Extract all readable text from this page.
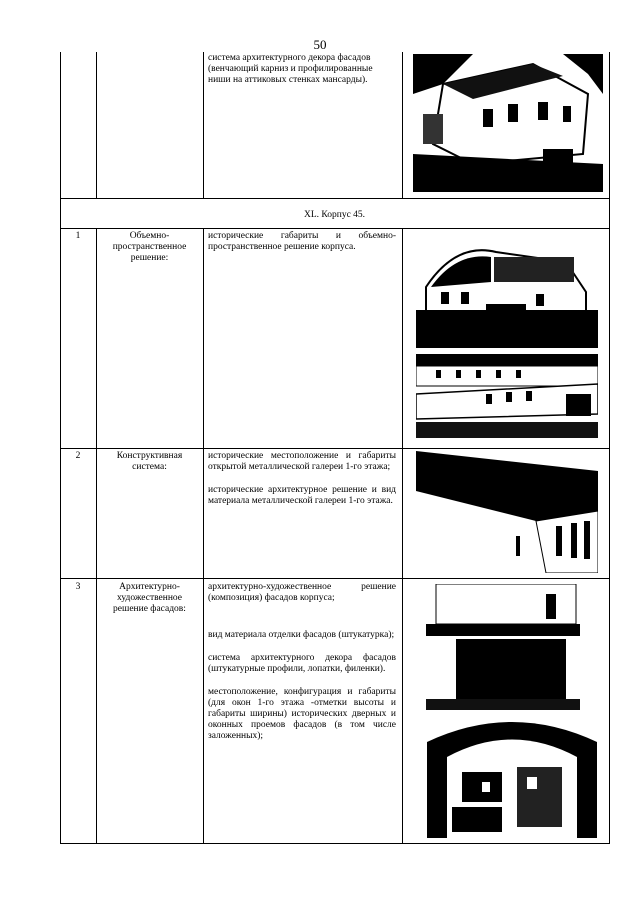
50
система архитектурного декора фасадов (венчающий карниз и профилированные ниши на аттиковых стенках мансарды).
XL. Корпус 45.
1	Объемно-пространственное решение:

исторические габариты и объемно-пространственное решение корпуса.

2	Конструктивная система:

исторические местоположение и габариты открытой металлической галереи 1-го этажа;

исторические архитектурное решение и вид материала металлической галереи 1-го этажа.

3	Архитектурно-художественное решение фасадов:

архитектурно-художественное решение (композиция) фасадов корпуса;

вид материала отделки фасадов (штукатурка);

система архитектурного декора фасадов (штукатурные профили, лопатки, филенки).

местоположение, конфигурация и габариты (для окон 1-го этажа -отметки высоты и габариты ширины) исторических дверных и оконных проемов фасадов (в том числе заложенных);
